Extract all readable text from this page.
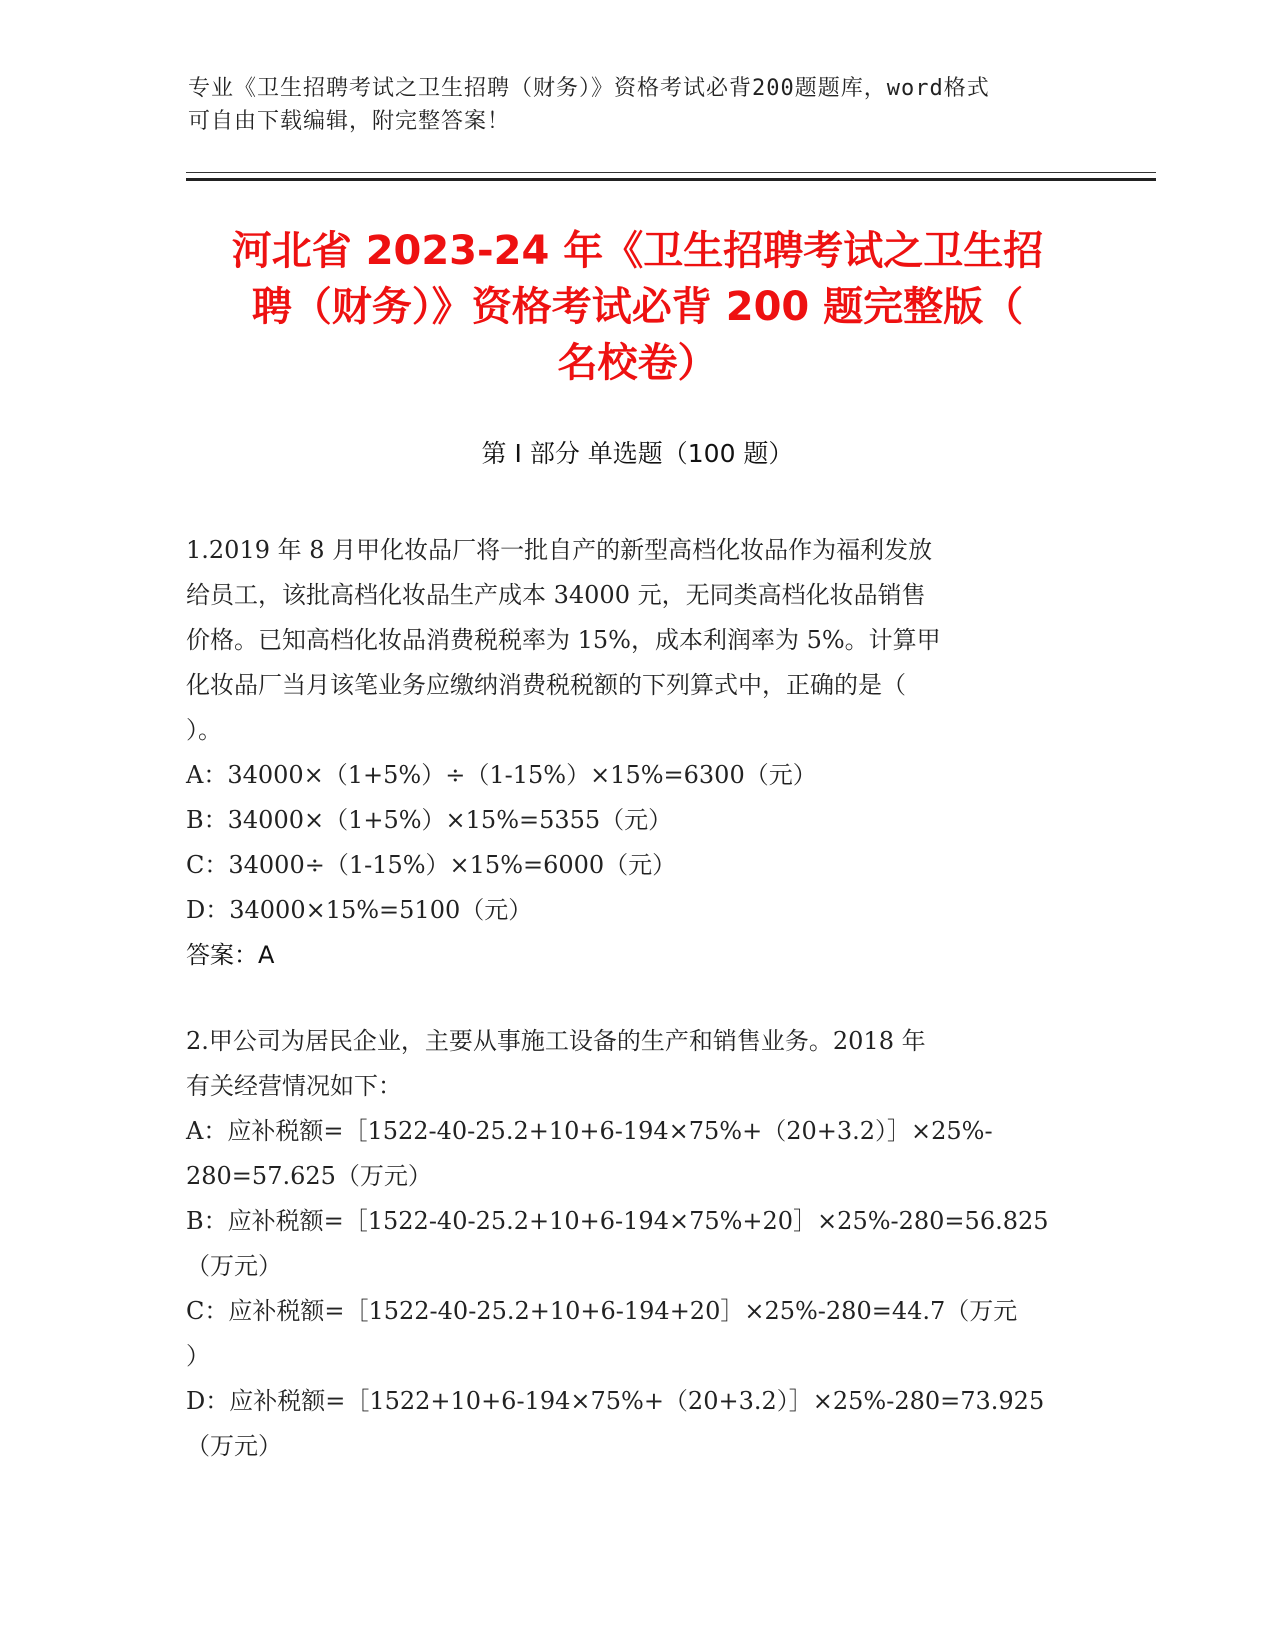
专业《卫生招聘考试之卫生招聘（财务）》资格考试必背200题题库，word格式
可自由下载编辑，附完整答案！
河北省 2023-24 年《卫生招聘考试之卫生招
聘（财务）》资格考试必背 200 题完整版（
名校卷）
第 I 部分 单选题（100 题）
1.2019 年 8 月甲化妆品厂将一批自产的新型高档化妆品作为福利发放
给员工，该批高档化妆品生产成本 34000 元，无同类高档化妆品销售
价格。已知高档化妆品消费税税率为 15%，成本利润率为 5%。计算甲
化妆品厂当月该笔业务应缴纳消费税税额的下列算式中，正确的是（
）。
A：34000×（1+5%）÷（1-15%）×15%=6300（元）
B：34000×（1+5%）×15%=5355（元）
C：34000÷（1-15%）×15%=6000（元）
D：34000×15%=5100（元）
答案：A
2.甲公司为居民企业，主要从事施工设备的生产和销售业务。2018 年
有关经营情况如下：
A：应补税额=［1522-40-25.2+10+6-194×75%+（20+3.2）］×25%-
280=57.625（万元）
B：应补税额=［1522-40-25.2+10+6-194×75%+20］×25%-280=56.825
（万元）
C：应补税额=［1522-40-25.2+10+6-194+20］×25%-280=44.7（万元
）
D：应补税额=［1522+10+6-194×75%+（20+3.2）］×25%-280=73.925
（万元）
